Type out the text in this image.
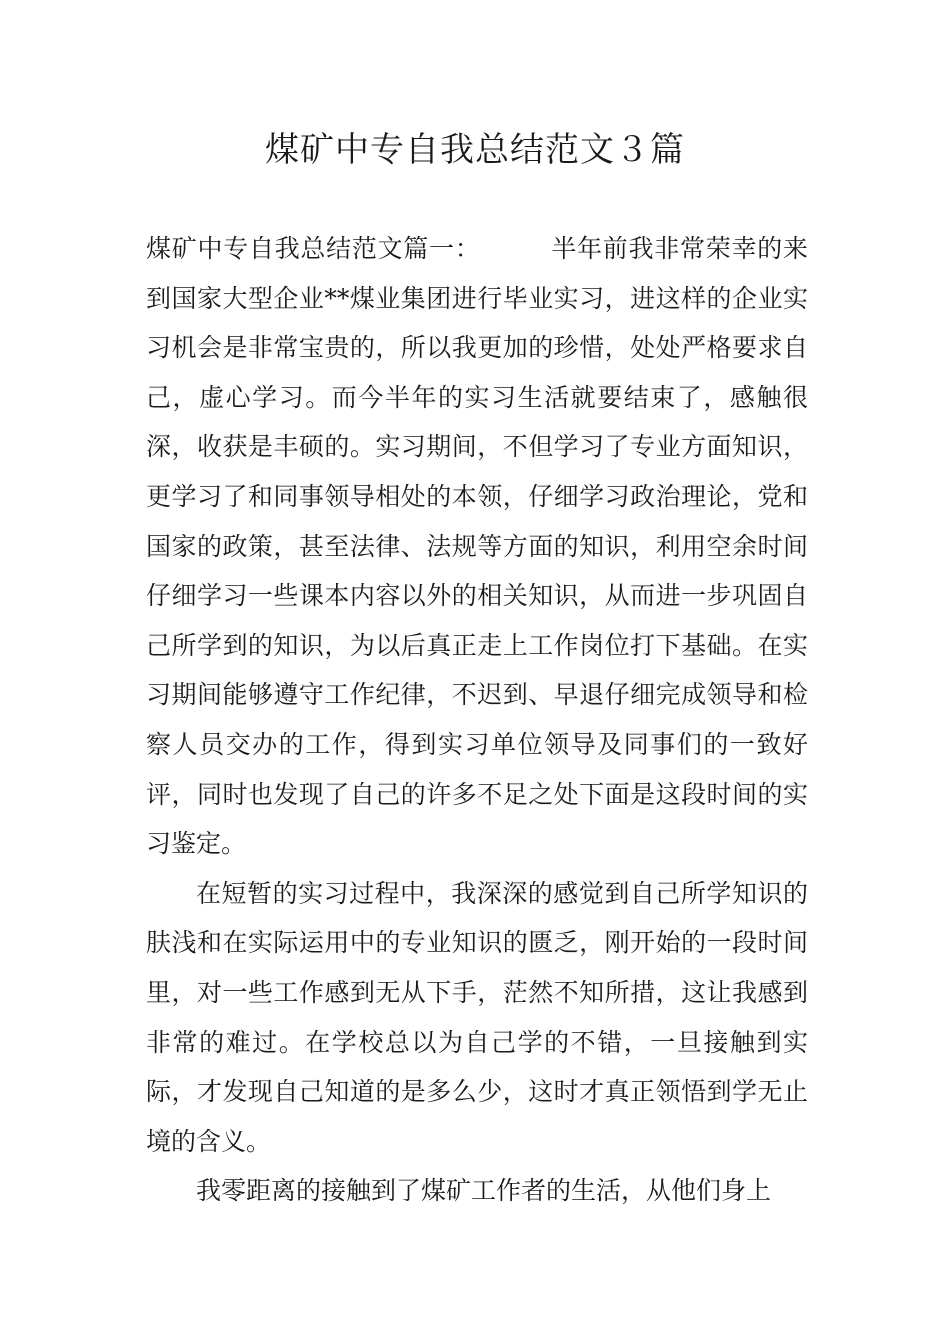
煤矿中专自我总结范文３篇

煤矿中专自我总结范文篇一：	半年前我非常荣幸的来到国家大型企业**煤业集团进行毕业实习，进这样的企业实习机会是非常宝贵的，所以我更加的珍惜，处处严格要求自己，虚心学习。而今半年的实习生活就要结束了，感触很深，收获是丰硕的。实习期间，不但学习了专业方面知识，更学习了和同事领导相处的本领，仔细学习政治理论，党和国家的政策，甚至法律、法规等方面的知识，利用空余时间仔细学习一些课本内容以外的相关知识，从而进一步巩固自己所学到的知识，为以后真正走上工作岗位打下基础。在实习期间能够遵守工作纪律，不迟到、早退仔细完成领导和检察人员交办的工作，得到实习单位领导及同事们的一致好评，同时也发现了自己的许多不足之处下面是这段时间的实习鉴定。

在短暂的实习过程中，我深深的感觉到自己所学知识的肤浅和在实际运用中的专业知识的匮乏，刚开始的一段时间里，对一些工作感到无从下手，茫然不知所措，这让我感到非常的难过。在学校总以为自己学的不错，一旦接触到实际，才发现自己知道的是多么少，这时才真正领悟到学无止境的含义。

我零距离的接触到了煤矿工作者的生活，从他们身上
